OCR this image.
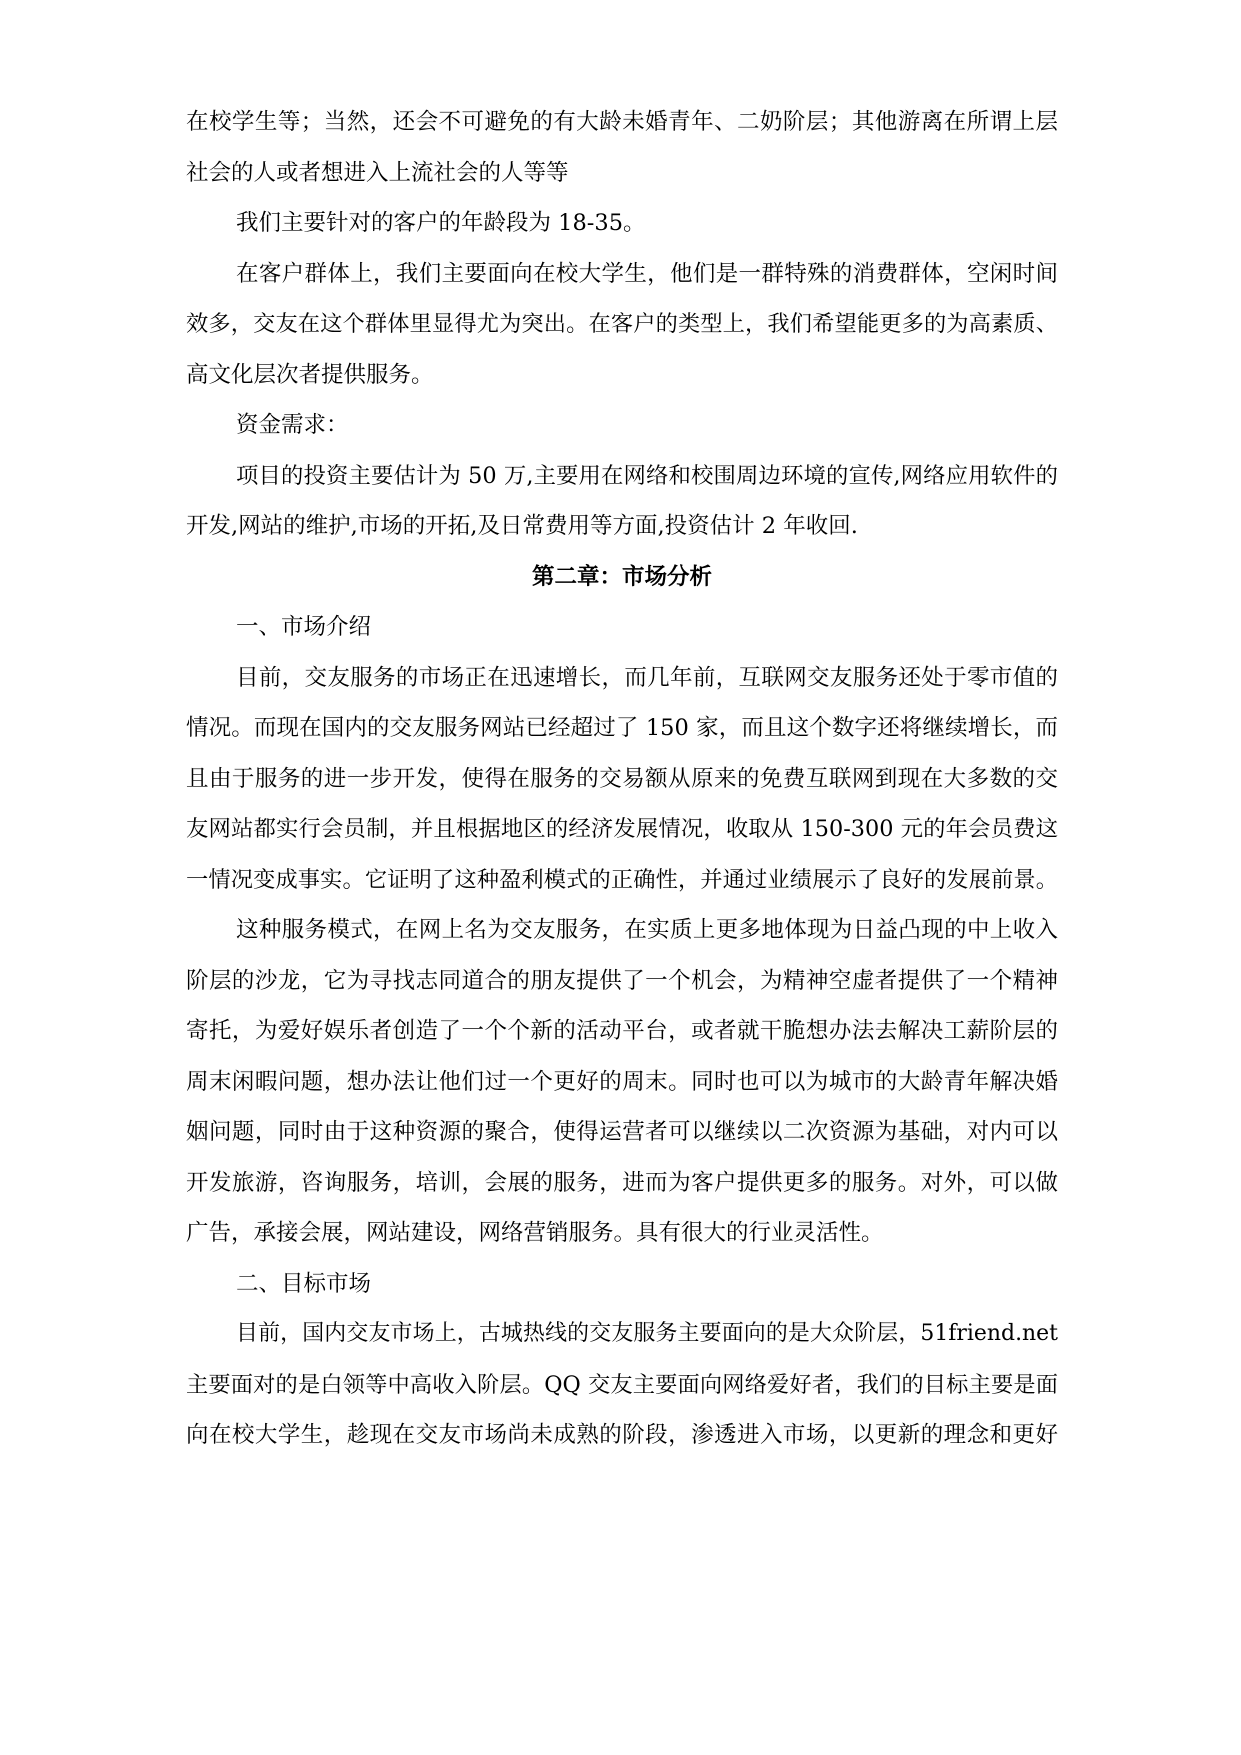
在校学生等；当然，还会不可避免的有大龄未婚青年、二奶阶层；其他游离在所谓上层
社会的人或者想进入上流社会的人等等
我们主要针对的客户的年龄段为 18-35。
在客户群体上，我们主要面向在校大学生，他们是一群特殊的消费群体，空闲时间
效多，交友在这个群体里显得尤为突出。在客户的类型上，我们希望能更多的为高素质、
高文化层次者提供服务。
资金需求：
项目的投资主要估计为 50 万,主要用在网络和校围周边环境的宣传,网络应用软件的
开发,网站的维护,市场的开拓,及日常费用等方面,投资估计 2 年收回.
第二章：市场分析
一、市场介绍
目前，交友服务的市场正在迅速增长，而几年前，互联网交友服务还处于零市值的
情况。而现在国内的交友服务网站已经超过了 150 家，而且这个数字还将继续增长，而
且由于服务的进一步开发，使得在服务的交易额从原来的免费互联网到现在大多数的交
友网站都实行会员制，并且根据地区的经济发展情况，收取从 150-300 元的年会员费这
一情况变成事实。它证明了这种盈利模式的正确性，并通过业绩展示了良好的发展前景。
这种服务模式，在网上名为交友服务，在实质上更多地体现为日益凸现的中上收入
阶层的沙龙，它为寻找志同道合的朋友提供了一个机会，为精神空虚者提供了一个精神
寄托，为爱好娱乐者创造了一个个新的活动平台，或者就干脆想办法去解决工薪阶层的
周末闲暇问题，想办法让他们过一个更好的周末。同时也可以为城市的大龄青年解决婚
姻问题，同时由于这种资源的聚合，使得运营者可以继续以二次资源为基础，对内可以
开发旅游，咨询服务，培训，会展的服务，进而为客户提供更多的服务。对外，可以做
广告，承接会展，网站建设，网络营销服务。具有很大的行业灵活性。
二、目标市场
目前，国内交友市场上，古城热线的交友服务主要面向的是大众阶层，51friend.net
主要面对的是白领等中高收入阶层。QQ 交友主要面向网络爱好者，我们的目标主要是面
向在校大学生，趁现在交友市场尚未成熟的阶段，渗透进入市场，以更新的理念和更好
